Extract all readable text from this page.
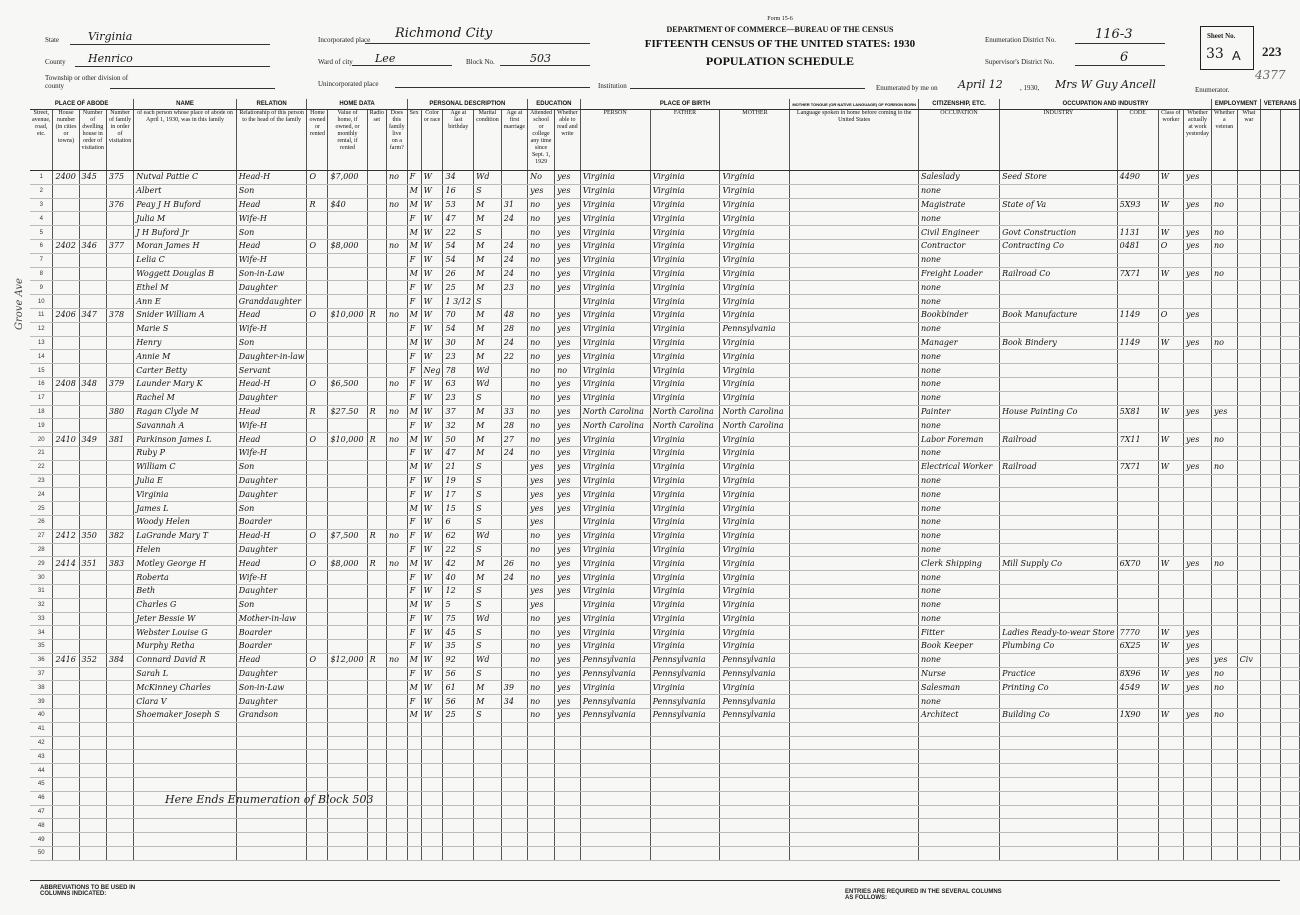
State	Virginia
County Henrico
Township or other division of county
Incorporated place Richmond City
Ward of city Lee	Block No.	503
Unincorporated place
Form 15-6
DEPARTMENT OF COMMERCE—BUREAU OF THE CENSUS
FIFTEENTH CENSUS OF THE UNITED STATES: 1930
POPULATION SCHEDULE
Institution
Enumeration District No.	116-3
Supervisor's District No.	6
Sheet No.
33 A 223
4377
Enumerated by me on April 12 , 1930, Mrs W Guy Ancell	Enumerator.
PLACE OF ABODE				NAME	RELATION	HOME DATA				PERSONAL DESCRIPTION					EDUCATION		PLACE OF BIRTH			MOTHER TONGUE (OR NATIVE LANGUAGE) OF FOREIGN BORN	CITIZENSHIP, ETC.	OCCUPATION AND INDUSTRY				EMPLOYMENT		VETERANS	
Street, avenue, road, etc.	House number (in cities or towns)	Number of dwelling house in order of visitation	Number of family in order of visitation	of each person whose place of abode on April 1, 1930, was in this family	Relationship of this person to the head of the family	Home owned or rented	Value of home, if owned, or monthly rental, if rented	Radio set	Does this family live on a farm?	Sex	Color or race	Age at last birthday	Marital condition	Age at first marriage	Attended school or college any time since Sept. 1, 1929	Whether able to read and write	PERSON	FATHER	MOTHER	Language spoken in home before coming to the United States	OCCUPATION	INDUSTRY	CODE	Class of worker	Whether actually at work yesterday	Whether a veteran	What war		
1	2400	345	375	Nutval Pattie C	Head-H	O	$7,000		no	F	W	34	Wd		No	yes	Virginia	Virginia	Virginia		Saleslady	Seed Store	4490	W	yes				
2				Albert	Son					M	W	16	S		yes	yes	Virginia	Virginia	Virginia		none								
3			376	Peay J H Buford	Head	R	$40		no	M	W	53	M	31	no	yes	Virginia	Virginia	Virginia		Magistrate	State of Va	5X93	W	yes	no			
4				Julia M	Wife-H					F	W	47	M	24	no	yes	Virginia	Virginia	Virginia		none								
5				J H Buford Jr	Son					M	W	22	S		no	yes	Virginia	Virginia	Virginia		Civil Engineer	Govt Construction	1131	W	yes	no			
6	2402	346	377	Moran James H	Head	O	$8,000		no	M	W	54	M	24	no	yes	Virginia	Virginia	Virginia		Contractor	Contracting Co	0481	O	yes	no			
7				Lelia C	Wife-H					F	W	54	M	24	no	yes	Virginia	Virginia	Virginia		none								
8				Woggett Douglas B	Son-in-Law					M	W	26	M	24	no	yes	Virginia	Virginia	Virginia		Freight Loader	Railroad Co	7X71	W	yes	no			
9				Ethel M	Daughter					F	W	25	M	23	no	yes	Virginia	Virginia	Virginia		none								
10				Ann E	Granddaughter					F	W	1 3/12	S				Virginia	Virginia	Virginia		none								
11	2406	347	378	Snider William A	Head	O	$10,000	R	no	M	W	70	M	48	no	yes	Virginia	Virginia	Virginia		Bookbinder	Book Manufacture	1149	O	yes				
12				Marie S	Wife-H					F	W	54	M	28	no	yes	Virginia	Virginia	Pennsylvania		none								
13				Henry	Son					M	W	30	M	24	no	yes	Virginia	Virginia	Virginia		Manager	Book Bindery	1149	W	yes	no			
14				Annie M	Daughter-in-law					F	W	23	M	22	no	yes	Virginia	Virginia	Virginia		none								
15				Carter Betty	Servant					F	Neg	78	Wd		no	no	Virginia	Virginia	Virginia		none								
16	2408	348	379	Launder Mary K	Head-H	O	$6,500		no	F	W	63	Wd		no	yes	Virginia	Virginia	Virginia		none								
17				Rachel M	Daughter					F	W	23	S		no	yes	Virginia	Virginia	Virginia		none								
18			380	Ragan Clyde M	Head	R	$27.50	R	no	M	W	37	M	33	no	yes	North Carolina	North Carolina	North Carolina		Painter	House Painting Co	5X81	W	yes	yes			
19				Savannah A	Wife-H					F	W	32	M	28	no	yes	North Carolina	North Carolina	North Carolina		none								
20	2410	349	381	Parkinson James L	Head	O	$10,000	R	no	M	W	50	M	27	no	yes	Virginia	Virginia	Virginia		Labor Foreman	Railroad	7X11	W	yes	no			
21				Ruby P	Wife-H					F	W	47	M	24	no	yes	Virginia	Virginia	Virginia		none								
22				William C	Son					M	W	21	S		yes	yes	Virginia	Virginia	Virginia		Electrical Worker	Railroad	7X71	W	yes	no			
23				Julia E	Daughter					F	W	19	S		yes	yes	Virginia	Virginia	Virginia		none								
24				Virginia	Daughter					F	W	17	S		yes	yes	Virginia	Virginia	Virginia		none								
25				James L	Son					M	W	15	S		yes	yes	Virginia	Virginia	Virginia		none								
26				Woody Helen	Boarder					F	W	6	S		yes		Virginia	Virginia	Virginia		none								
27	2412	350	382	LaGrande Mary T	Head-H	O	$7,500	R	no	F	W	62	Wd		no	yes	Virginia	Virginia	Virginia		none								
28				Helen	Daughter					F	W	22	S		no	yes	Virginia	Virginia	Virginia		none								
29	2414	351	383	Motley George H	Head	O	$8,000	R	no	M	W	42	M	26	no	yes	Virginia	Virginia	Virginia		Clerk Shipping	Mill Supply Co	6X70	W	yes	no			
30				Roberta	Wife-H					F	W	40	M	24	no	yes	Virginia	Virginia	Virginia		none								
31				Beth	Daughter					F	W	12	S		yes	yes	Virginia	Virginia	Virginia		none								
32				Charles G	Son					M	W	5	S		yes		Virginia	Virginia	Virginia		none								
33				Jeter Bessie W	Mother-in-law					F	W	75	Wd		no	yes	Virginia	Virginia	Virginia		none								
34				Webster Louise G	Boarder					F	W	45	S		no	yes	Virginia	Virginia	Virginia		Fitter	Ladies Ready-to-wear Store	7770	W	yes				
35				Murphy Retha	Boarder					F	W	35	S		no	yes	Virginia	Virginia	Virginia		Book Keeper	Plumbing Co	6X25	W	yes				
36	2416	352	384	Connard David R	Head	O	$12,000	R	no	M	W	92	Wd		no	yes	Pennsylvania	Pennsylvania	Pennsylvania		none				yes	yes	Civ		
37				Sarah L	Daughter					F	W	56	S		no	yes	Pennsylvania	Pennsylvania	Pennsylvania		Nurse	Practice	8X96	W	yes	no			
38				McKinney Charles	Son-in-Law					M	W	61	M	39	no	yes	Virginia	Virginia	Virginia		Salesman	Printing Co	4549	W	yes	no			
39				Clara V	Daughter					F	W	56	M	34	no	yes	Pennsylvania	Pennsylvania	Pennsylvania		none								
40				Shoemaker Joseph S	Grandson					M	W	25	S		no	yes	Pennsylvania	Pennsylvania	Pennsylvania		Architect	Building Co	1X90	W	yes	no			
41																													
42																													
43																													
44																													
45																													
46																													
47																													
48																													
49																													
50																													
Here Ends Enumeration of Block 503
Grove Ave
ABBREVIATIONS TO BE USED IN COLUMNS INDICATED:	ENTRIES ARE REQUIRED IN THE SEVERAL COLUMNS AS FOLLOWS:
